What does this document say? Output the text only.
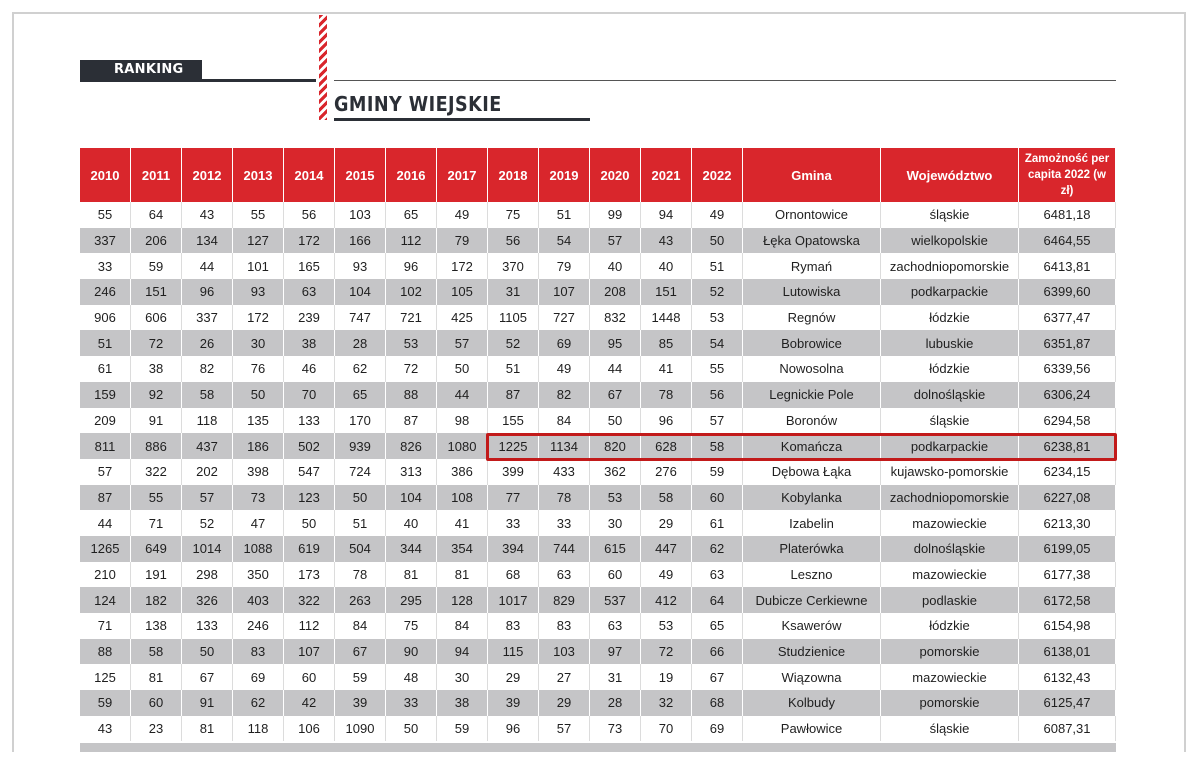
RANKING
GMINY WIEJSKIE
2010	2011	2012	2013	2014	2015	2016	2017	2018	2019	2020	2021	2022	Gmina	Województwo	Zamożność per capita 2022 (w zł)
55	64	43	55	56	103	65	49	75	51	99	94	49	Ornontowice	śląskie	6481,18
337	206	134	127	172	166	112	79	56	54	57	43	50	Łęka Opatowska	wielkopolskie	6464,55
33	59	44	101	165	93	96	172	370	79	40	40	51	Rymań	zachodniopomorskie	6413,81
246	151	96	93	63	104	102	105	31	107	208	151	52	Lutowiska	podkarpackie	6399,60
906	606	337	172	239	747	721	425	1105	727	832	1448	53	Regnów	łódzkie	6377,47
51	72	26	30	38	28	53	57	52	69	95	85	54	Bobrowice	lubuskie	6351,87
61	38	82	76	46	62	72	50	51	49	44	41	55	Nowosolna	łódzkie	6339,56
159	92	58	50	70	65	88	44	87	82	67	78	56	Legnickie Pole	dolnośląskie	6306,24
209	91	118	135	133	170	87	98	155	84	50	96	57	Boronów	śląskie	6294,58
811	886	437	186	502	939	826	1080	1225	1134	820	628	58	Komańcza	podkarpackie	6238,81
57	322	202	398	547	724	313	386	399	433	362	276	59	Dębowa Łąka	kujawsko-pomorskie	6234,15
87	55	57	73	123	50	104	108	77	78	53	58	60	Kobylanka	zachodniopomorskie	6227,08
44	71	52	47	50	51	40	41	33	33	30	29	61	Izabelin	mazowieckie	6213,30
1265	649	1014	1088	619	504	344	354	394	744	615	447	62	Platerówka	dolnośląskie	6199,05
210	191	298	350	173	78	81	81	68	63	60	49	63	Leszno	mazowieckie	6177,38
124	182	326	403	322	263	295	128	1017	829	537	412	64	Dubicze Cerkiewne	podlaskie	6172,58
71	138	133	246	112	84	75	84	83	83	63	53	65	Ksawerów	łódzkie	6154,98
88	58	50	83	107	67	90	94	115	103	97	72	66	Studzienice	pomorskie	6138,01
125	81	67	69	60	59	48	30	29	27	31	19	67	Wiązowna	mazowieckie	6132,43
59	60	91	62	42	39	33	38	39	29	28	32	68	Kolbudy	pomorskie	6125,47
43	23	81	118	106	1090	50	59	96	57	73	70	69	Pawłowice	śląskie	6087,31
